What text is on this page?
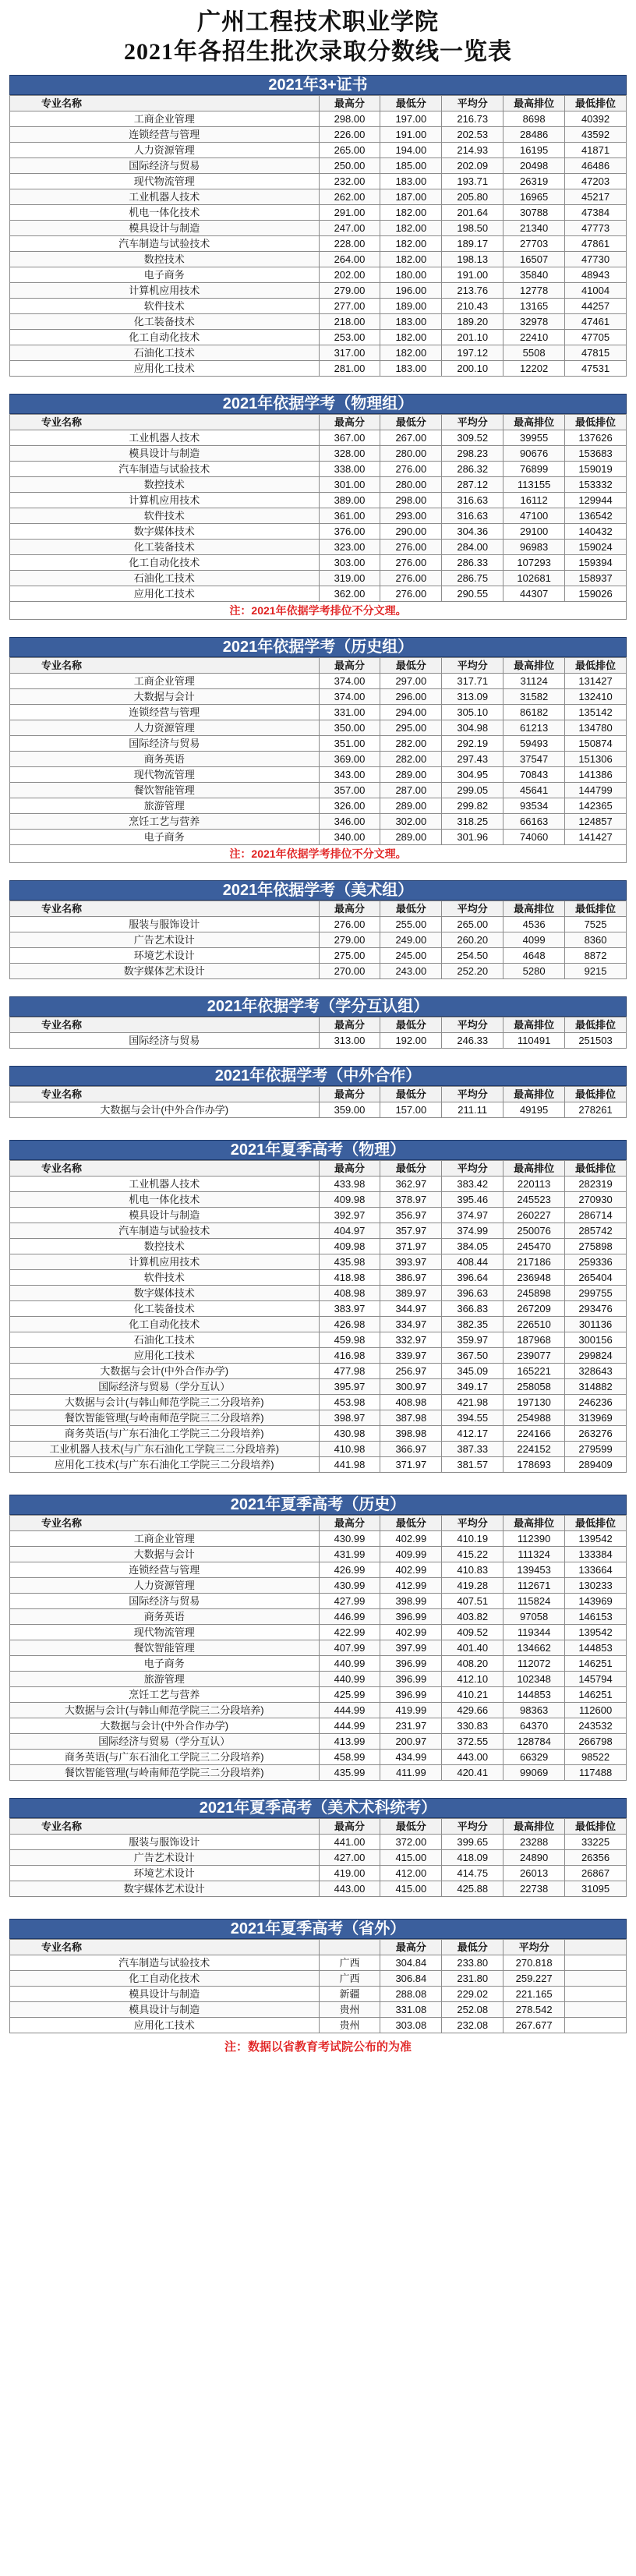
广州工程技术职业学院
2021年各招生批次录取分数线一览表
2021年3+证书
专业名称	最高分	最低分	平均分	最高排位	最低排位
工商企业管理	298.00	197.00	216.73	8698	40392
连锁经营与管理	226.00	191.00	202.53	28486	43592
人力资源管理	265.00	194.00	214.93	16195	41871
国际经济与贸易	250.00	185.00	202.09	20498	46486
现代物流管理	232.00	183.00	193.71	26319	47203
工业机器人技术	262.00	187.00	205.80	16965	45217
机电一体化技术	291.00	182.00	201.64	30788	47384
模具设计与制造	247.00	182.00	198.50	21340	47773
汽车制造与试验技术	228.00	182.00	189.17	27703	47861
数控技术	264.00	182.00	198.13	16507	47730
电子商务	202.00	180.00	191.00	35840	48943
计算机应用技术	279.00	196.00	213.76	12778	41004
软件技术	277.00	189.00	210.43	13165	44257
化工装备技术	218.00	183.00	189.20	32978	47461
化工自动化技术	253.00	182.00	201.10	22410	47705
石油化工技术	317.00	182.00	197.12	5508	47815
应用化工技术	281.00	183.00	200.10	12202	47531
2021年依据学考（物理组）
专业名称	最高分	最低分	平均分	最高排位	最低排位
工业机器人技术	367.00	267.00	309.52	39955	137626
模具设计与制造	328.00	280.00	298.23	90676	153683
汽车制造与试验技术	338.00	276.00	286.32	76899	159019
数控技术	301.00	280.00	287.12	113155	153332
计算机应用技术	389.00	298.00	316.63	16112	129944
软件技术	361.00	293.00	316.63	47100	136542
数字媒体技术	376.00	290.00	304.36	29100	140432
化工装备技术	323.00	276.00	284.00	96983	159024
化工自动化技术	303.00	276.00	286.33	107293	159394
石油化工技术	319.00	276.00	286.75	102681	158937
应用化工技术	362.00	276.00	290.55	44307	159026
注：2021年依据学考排位不分文理。
2021年依据学考（历史组）
专业名称	最高分	最低分	平均分	最高排位	最低排位
工商企业管理	374.00	297.00	317.71	31124	131427
大数据与会计	374.00	296.00	313.09	31582	132410
连锁经营与管理	331.00	294.00	305.10	86182	135142
人力资源管理	350.00	295.00	304.98	61213	134780
国际经济与贸易	351.00	282.00	292.19	59493	150874
商务英语	369.00	282.00	297.43	37547	151306
现代物流管理	343.00	289.00	304.95	70843	141386
餐饮智能管理	357.00	287.00	299.05	45641	144799
旅游管理	326.00	289.00	299.82	93534	142365
烹饪工艺与营养	346.00	302.00	318.25	66163	124857
电子商务	340.00	289.00	301.96	74060	141427
注：2021年依据学考排位不分文理。
2021年依据学考（美术组）
专业名称	最高分	最低分	平均分	最高排位	最低排位
服装与服饰设计	276.00	255.00	265.00	4536	7525
广告艺术设计	279.00	249.00	260.20	4099	8360
环境艺术设计	275.00	245.00	254.50	4648	8872
数字媒体艺术设计	270.00	243.00	252.20	5280	9215
2021年依据学考（学分互认组）
专业名称	最高分	最低分	平均分	最高排位	最低排位
国际经济与贸易	313.00	192.00	246.33	110491	251503
2021年依据学考（中外合作）
专业名称	最高分	最低分	平均分	最高排位	最低排位
大数据与会计(中外合作办学)	359.00	157.00	211.11	49195	278261
2021年夏季高考（物理）
专业名称	最高分	最低分	平均分	最高排位	最低排位
工业机器人技术	433.98	362.97	383.42	220113	282319
机电一体化技术	409.98	378.97	395.46	245523	270930
模具设计与制造	392.97	356.97	374.97	260227	286714
汽车制造与试验技术	404.97	357.97	374.99	250076	285742
数控技术	409.98	371.97	384.05	245470	275898
计算机应用技术	435.98	393.97	408.44	217186	259336
软件技术	418.98	386.97	396.64	236948	265404
数字媒体技术	408.98	389.97	396.63	245898	299755
化工装备技术	383.97	344.97	366.83	267209	293476
化工自动化技术	426.98	334.97	382.35	226510	301136
石油化工技术	459.98	332.97	359.97	187968	300156
应用化工技术	416.98	339.97	367.50	239077	299824
大数据与会计(中外合作办学)	477.98	256.97	345.09	165221	328643
国际经济与贸易（学分互认）	395.97	300.97	349.17	258058	314882
大数据与会计(与韩山师范学院三二分段培养)	453.98	408.98	421.98	197130	246236
餐饮智能管理(与岭南师范学院三二分段培养)	398.97	387.98	394.55	254988	313969
商务英语(与广东石油化工学院三二分段培养)	430.98	398.98	412.17	224166	263276
工业机器人技术(与广东石油化工学院三二分段培养)	410.98	366.97	387.33	224152	279599
应用化工技术(与广东石油化工学院三二分段培养)	441.98	371.97	381.57	178693	289409
2021年夏季高考（历史）
专业名称	最高分	最低分	平均分	最高排位	最低排位
工商企业管理	430.99	402.99	410.19	112390	139542
大数据与会计	431.99	409.99	415.22	111324	133384
连锁经营与管理	426.99	402.99	410.83	139453	133664
人力资源管理	430.99	412.99	419.28	112671	130233
国际经济与贸易	427.99	398.99	407.51	115824	143969
商务英语	446.99	396.99	403.82	97058	146153
现代物流管理	422.99	402.99	409.52	119344	139542
餐饮智能管理	407.99	397.99	401.40	134662	144853
电子商务	440.99	396.99	408.20	112072	146251
旅游管理	440.99	396.99	412.10	102348	145794
烹饪工艺与营养	425.99	396.99	410.21	144853	146251
大数据与会计(与韩山师范学院三二分段培养)	444.99	419.99	429.66	98363	112600
大数据与会计(中外合作办学)	444.99	231.97	330.83	64370	243532
国际经济与贸易（学分互认）	413.99	200.97	372.55	128784	266798
商务英语(与广东石油化工学院三二分段培养)	458.99	434.99	443.00	66329	98522
餐饮智能管理(与岭南师范学院三二分段培养)	435.99	411.99	420.41	99069	117488
2021年夏季高考（美术术科统考）
专业名称	最高分	最低分	平均分	最高排位	最低排位
服装与服饰设计	441.00	372.00	399.65	23288	33225
广告艺术设计	427.00	415.00	418.09	24890	26356
环境艺术设计	419.00	412.00	414.75	26013	26867
数字媒体艺术设计	443.00	415.00	425.88	22738	31095
2021年夏季高考（省外）
专业名称		最高分	最低分	平均分	
汽车制造与试验技术	广西	304.84	233.80	270.818	
化工自动化技术	广西	306.84	231.80	259.227	
模具设计与制造	新疆	288.08	229.02	221.165	
模具设计与制造	贵州	331.08	252.08	278.542	
应用化工技术	贵州	303.08	232.08	267.677	
注：数据以省教育考试院公布的为准
